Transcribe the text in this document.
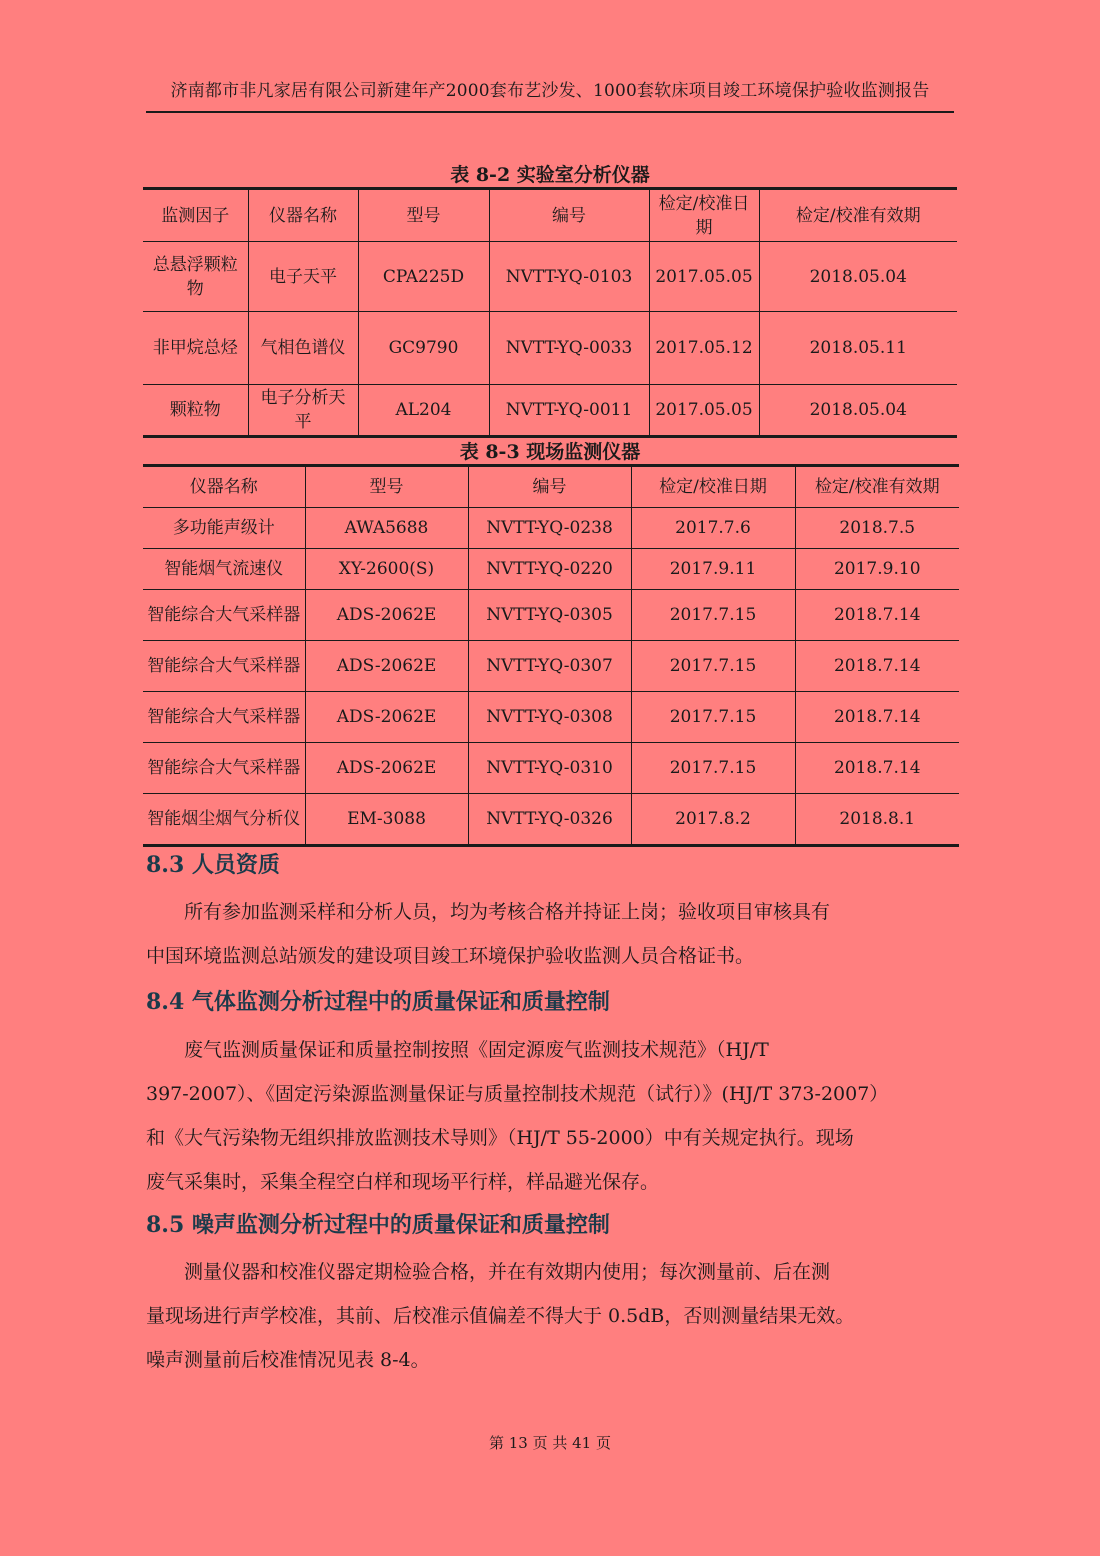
济南都市非凡家居有限公司新建年产2000套布艺沙发、1000套软床项目竣工环境保护验收监测报告
表 8-2 实验室分析仪器
监测因子	仪器名称	型号	编号	检定/校准日期	检定/校准有效期
总悬浮颗粒物	电子天平	CPA225D	NVTT-YQ-0103	2017.05.05	2018.05.04
非甲烷总烃	气相色谱仪	GC9790	NVTT-YQ-0033	2017.05.12	2018.05.11
颗粒物	电子分析天平	AL204	NVTT-YQ-0011	2017.05.05	2018.05.04
表 8-3 现场监测仪器
仪器名称	型号	编号	检定/校准日期	检定/校准有效期
多功能声级计	AWA5688	NVTT-YQ-0238	2017.7.6	2018.7.5
智能烟气流速仪	XY-2600(S)	NVTT-YQ-0220	2017.9.11	2017.9.10
智能综合大气采样器	ADS-2062E	NVTT-YQ-0305	2017.7.15	2018.7.14
智能综合大气采样器	ADS-2062E	NVTT-YQ-0307	2017.7.15	2018.7.14
智能综合大气采样器	ADS-2062E	NVTT-YQ-0308	2017.7.15	2018.7.14
智能综合大气采样器	ADS-2062E	NVTT-YQ-0310	2017.7.15	2018.7.14
智能烟尘烟气分析仪	EM-3088	NVTT-YQ-0326	2017.8.2	2018.8.1
8.3 人员资质
所有参加监测采样和分析人员，均为考核合格并持证上岗；验收项目审核具有
中国环境监测总站颁发的建设项目竣工环境保护验收监测人员合格证书。
8.4 气体监测分析过程中的质量保证和质量控制
废气监测质量保证和质量控制按照《固定源废气监测技术规范》（HJ/T
397-2007）、《固定污染源监测量保证与质量控制技术规范（试行）》(HJ/T 373-2007）
和《大气污染物无组织排放监测技术导则》（HJ/T 55-2000）中有关规定执行。现场
废气采集时，采集全程空白样和现场平行样，样品避光保存。
8.5 噪声监测分析过程中的质量保证和质量控制
测量仪器和校准仪器定期检验合格，并在有效期内使用；每次测量前、后在测
量现场进行声学校准，其前、后校准示值偏差不得大于 0.5dB，否则测量结果无效。
噪声测量前后校准情况见表 8-4。
第 13 页 共 41 页
